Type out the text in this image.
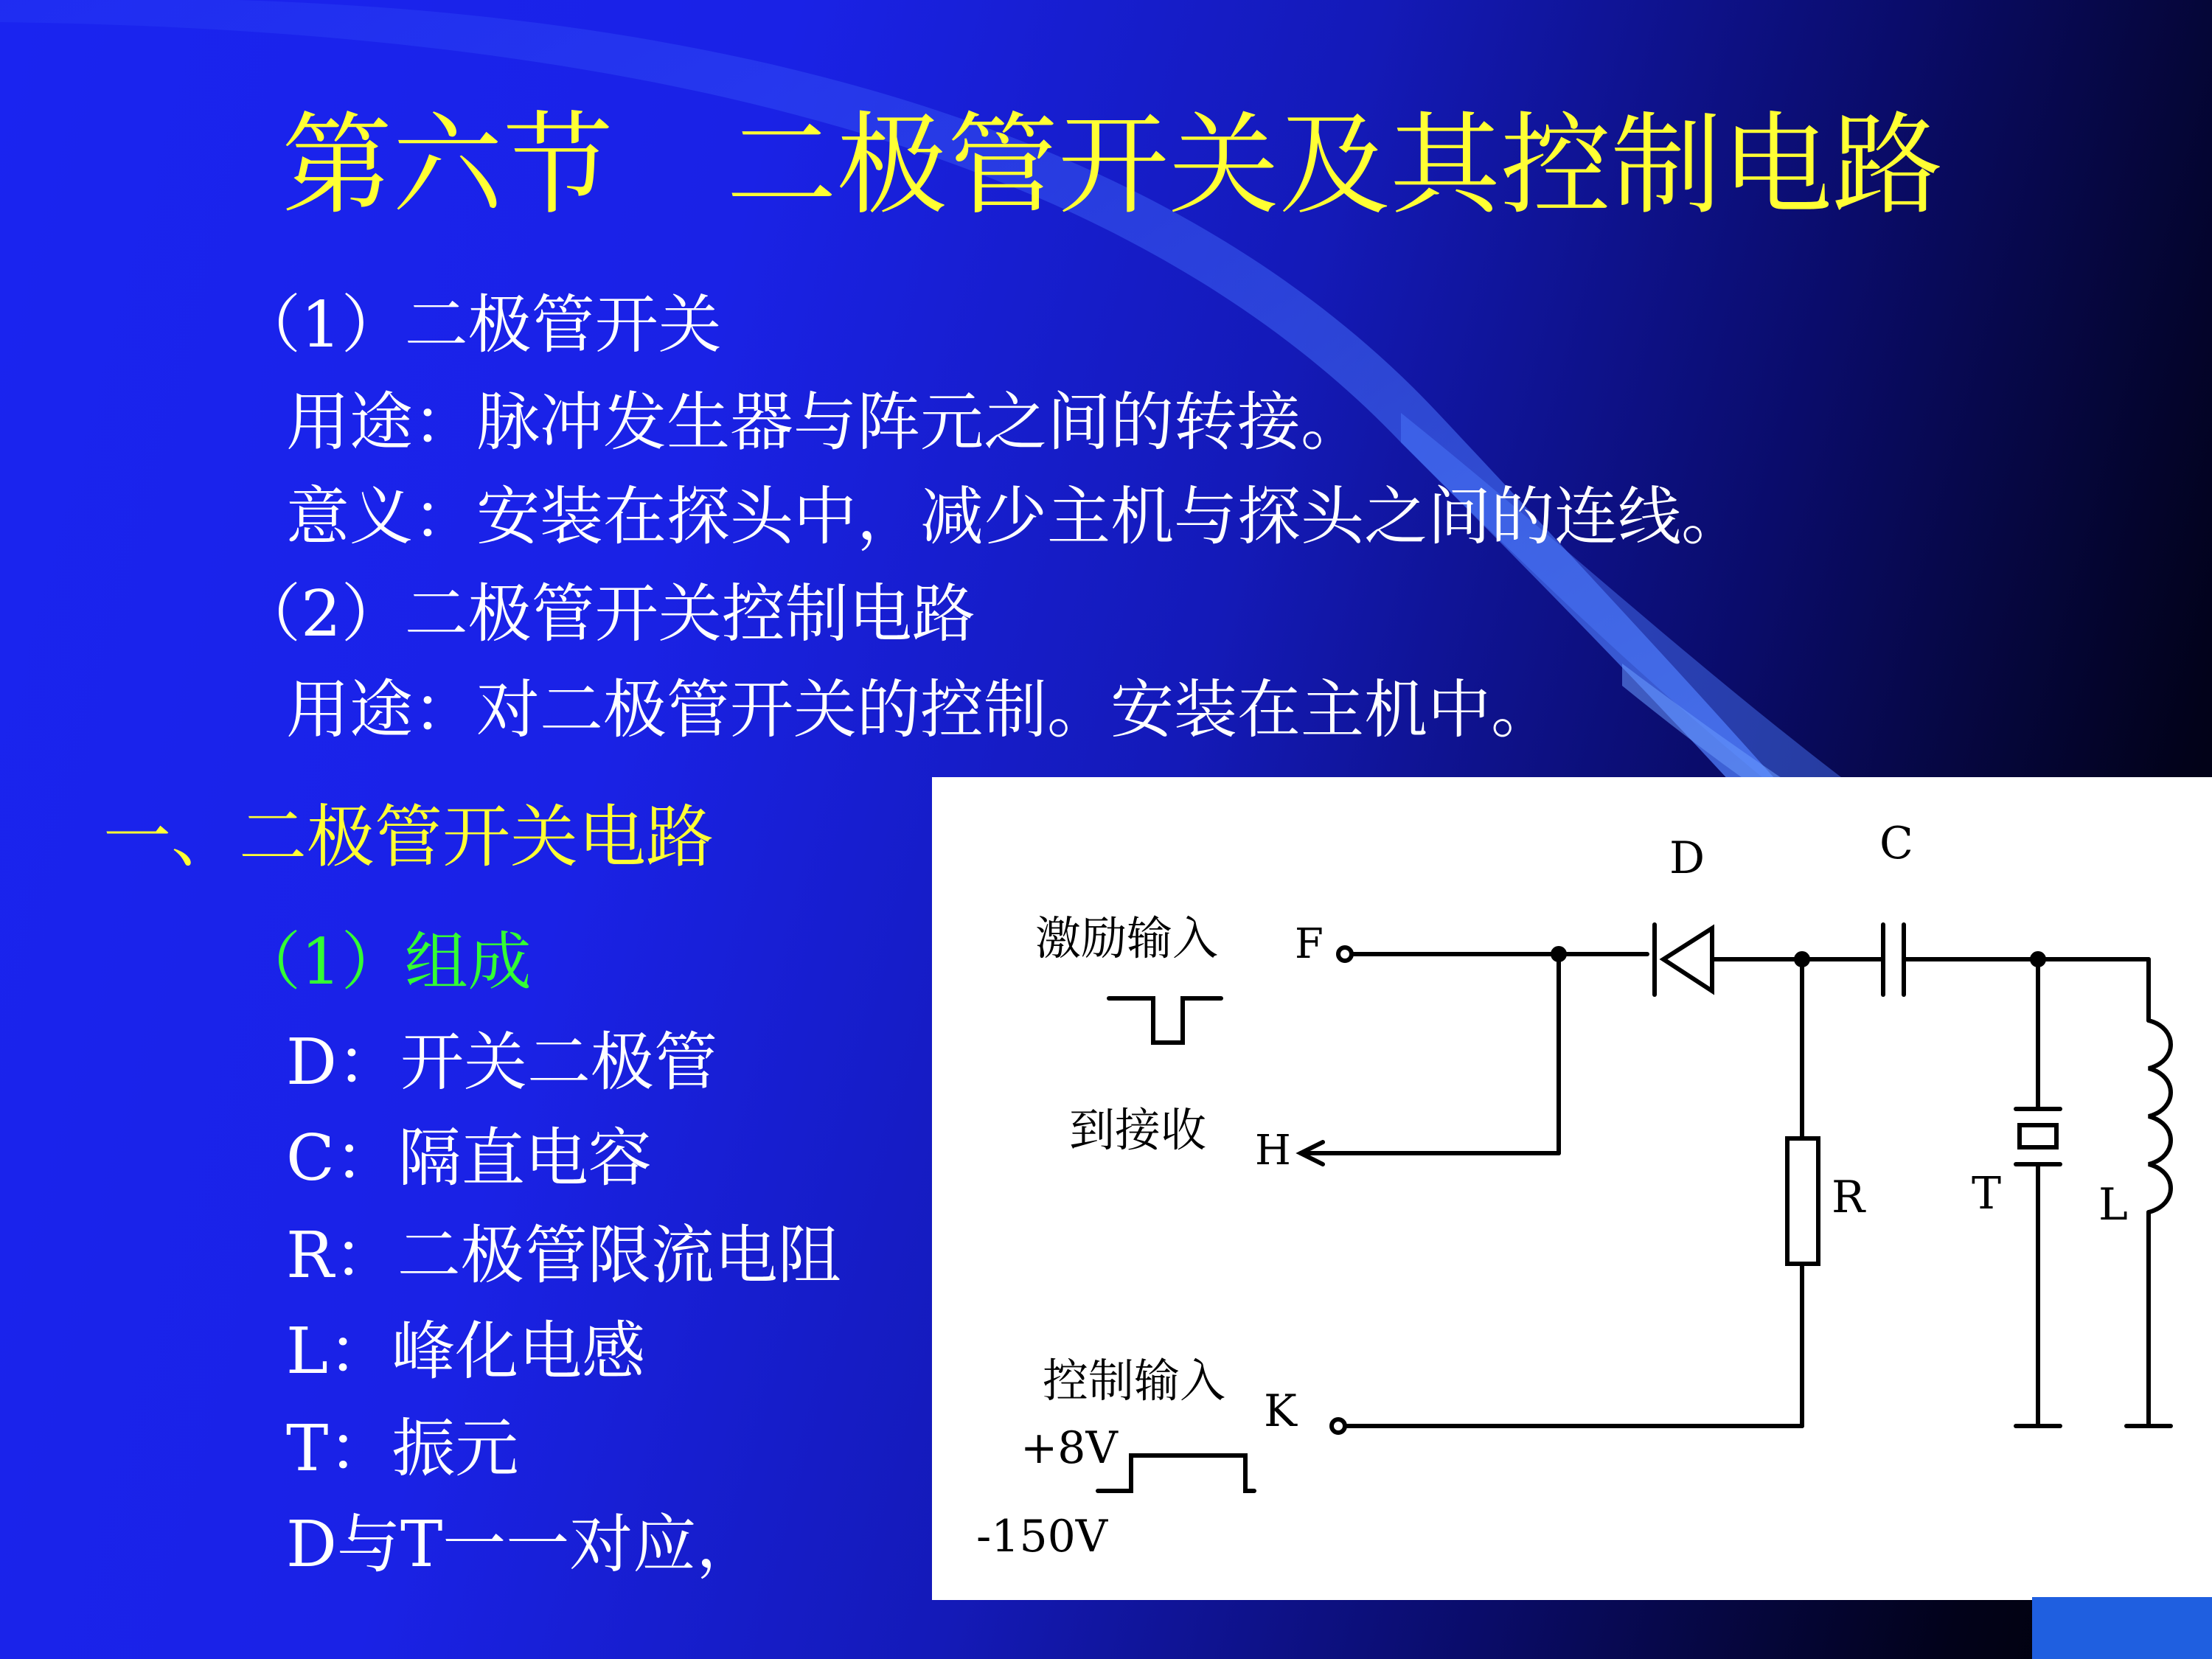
第六节 二极管开关及其控制电路
（1）二极管开关
用途：脉冲发生器与阵元之间的转接。
意义：安装在探头中，减少主机与探头之间的连线。
（2）二极管开关控制电路
用途：对二极管开关的控制。安装在主机中。
一、二极管开关电路
（1）组成
D：开关二极管
C：隔直电容
R：二极管限流电阻
L：峰化电感
T：振元
D与T一一对应，
激励输入 F
到接收 H
控制输入
K
D	C
R T L
+8V
-150V
